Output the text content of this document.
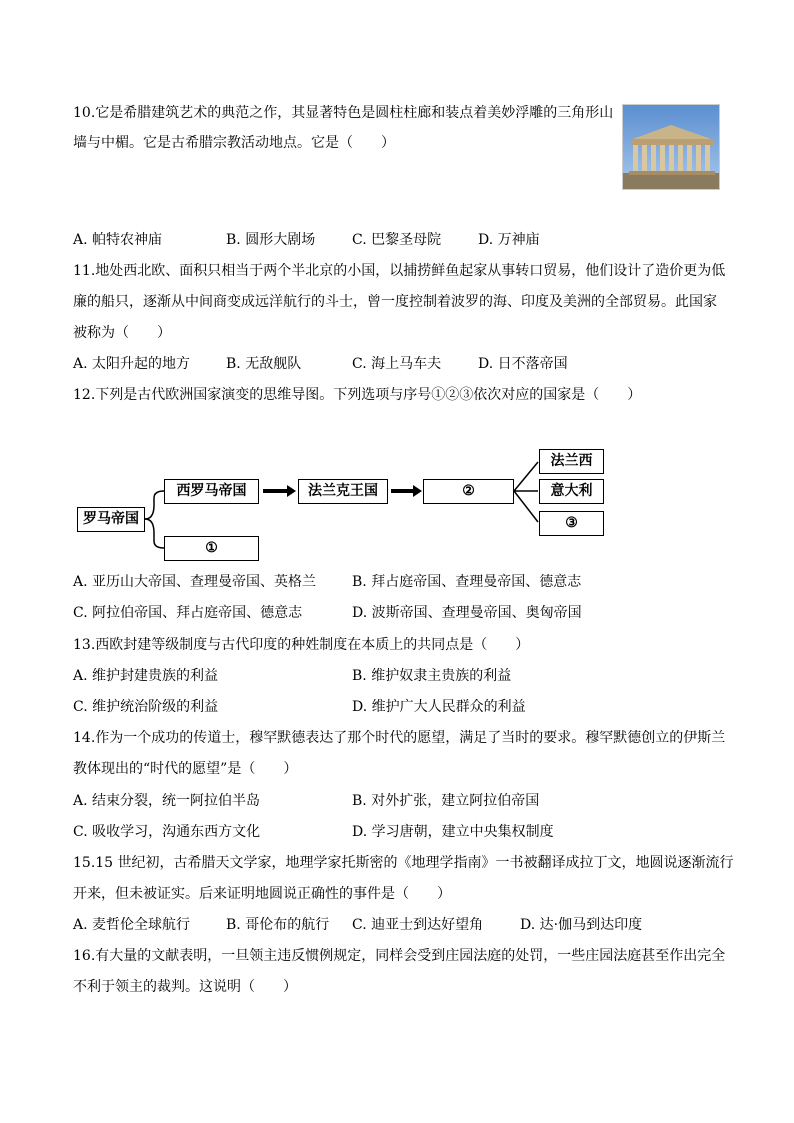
10.它是希腊建筑艺术的典范之作，其显著特色是圆柱柱廊和装点着美妙浮雕的三角形山
墙与中楣。它是古希腊宗教活动地点。它是（　　）
A. 帕特农神庙	B. 圆形大剧场	C. 巴黎圣母院	D. 万神庙
11.地处西北欧、面积只相当于两个半北京的小国，以捕捞鲜鱼起家从事转口贸易，他们设计了造价更为低
廉的船只，逐渐从中间商变成远洋航行的斗士，曾一度控制着波罗的海、印度及美洲的全部贸易。此国家
被称为（　　）
A. 太阳升起的地方	B. 无敌舰队	C. 海上马车夫	D. 日不落帝国
12.下列是古代欧洲国家演变的思维导图。下列选项与序号①②③依次对应的国家是（　　）
罗马帝国
西罗马帝国
①
法兰克王国	②
法兰西
意大利
③
A. 亚历山大帝国、查理曼帝国、英格兰	B. 拜占庭帝国、查理曼帝国、德意志
C. 阿拉伯帝国、拜占庭帝国、德意志	D. 波斯帝国、查理曼帝国、奥匈帝国
13.西欧封建等级制度与古代印度的种姓制度在本质上的共同点是（　　）
A. 维护封建贵族的利益	B. 维护奴隶主贵族的利益
C. 维护统治阶级的利益	D. 维护广大人民群众的利益
14.作为一个成功的传道士，穆罕默德表达了那个时代的愿望，满足了当时的要求。穆罕默德创立的伊斯兰
教体现出的“时代的愿望”是（　　）
A. 结束分裂，统一阿拉伯半岛	B. 对外扩张，建立阿拉伯帝国
C. 吸收学习，沟通东西方文化	D. 学习唐朝，建立中央集权制度
15.15 世纪初，古希腊天文学家，地理学家托斯密的《地理学指南》一书被翻译成拉丁文，地圆说逐渐流行
开来，但未被证实。后来证明地圆说正确性的事件是（　　）
A. 麦哲伦全球航行	B. 哥伦布的航行 C. 迪亚士到达好望角	D. 达·伽马到达印度
16.有大量的文献表明，一旦领主违反惯例规定，同样会受到庄园法庭的处罚，一些庄园法庭甚至作出完全
不利于领主的裁判。这说明（　　）
